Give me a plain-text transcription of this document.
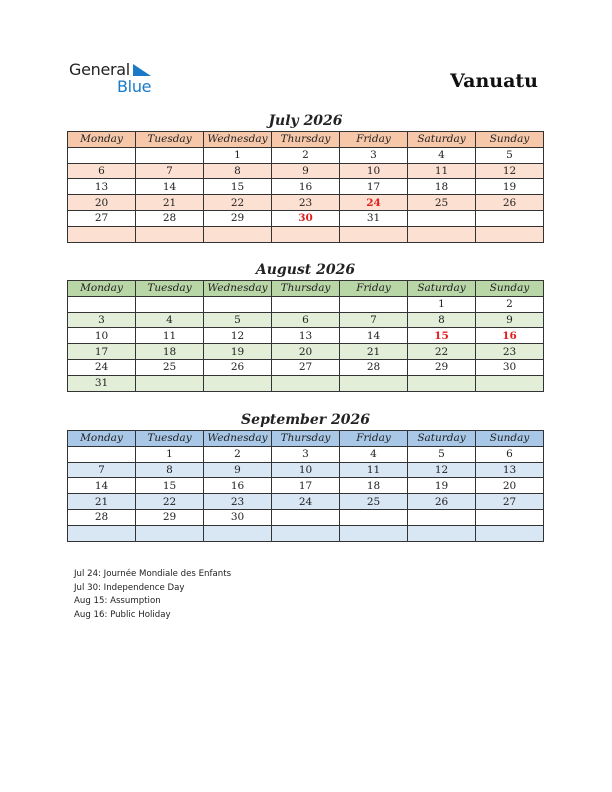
General
Blue	Vanuatu
July 2026
Monday	Tuesday	Wednesday	Thursday	Friday	Saturday	Sunday
		1	2	3	4	5
6	7	8	9	10	11	12
13	14	15	16	17	18	19
20	21	22	23	24	25	26
27	28	29	30	31		

August 2026
Monday	Tuesday	Wednesday	Thursday	Friday	Saturday	Sunday
					1	2
3	4	5	6	7	8	9
10	11	12	13	14	15	16
17	18	19	20	21	22	23
24	25	26	27	28	29	30
31						
September 2026
Monday	Tuesday	Wednesday	Thursday	Friday	Saturday	Sunday
	1	2	3	4	5	6
7	8	9	10	11	12	13
14	15	16	17	18	19	20
21	22	23	24	25	26	27
28	29	30				

Jul 24: Journée Mondiale des Enfants
Jul 30: Independence Day
Aug 15: Assumption
Aug 16: Public Holiday
